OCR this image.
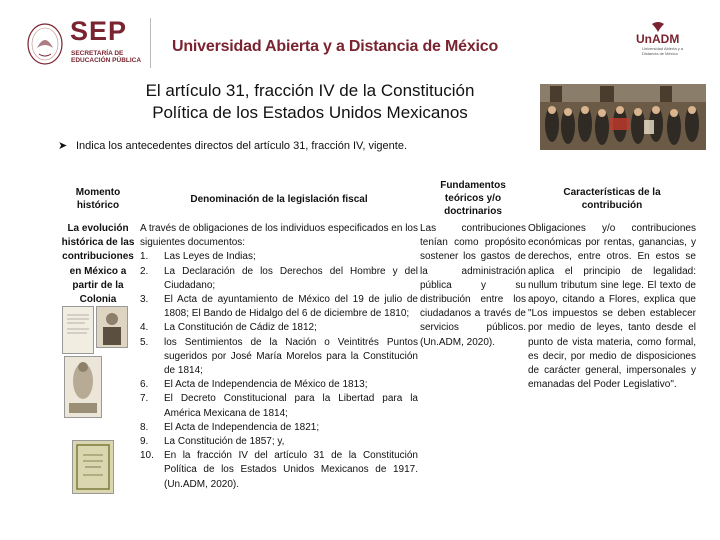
SEP
SECRETARÍA DE EDUCACIÓN PÚBLICA
Universidad Abierta y a Distancia de México	UnADM
Universidad Abierta y a Distancia de México
El artículo 31, fracción IV de la Constitución
Política de los Estados Unidos Mexicanos
➤ Indica los antecedentes directos del artículo 31, fracción IV, vigente.
Momento histórico
Denominación de la legislación fiscal
Fundamentos teóricos y/o doctrinarios
Características de la contribución
La evolución histórica de las contribuciones en México a partir de la Colonia
A través de obligaciones de los individuos especificados en los siguientes documentos:
1. Las Leyes de Indias;
2. La Declaración de los Derechos del Hombre y del Ciudadano;
3. El Acta de ayuntamiento de México del 19 de julio de 1808; El Bando de Hidalgo del 6 de diciembre de 1810;
4. La Constitución de Cádiz de 1812;
5. los Sentimientos de la Nación o Veintitrés Puntos sugeridos por José María Morelos para la Constitución de 1814;
6. El Acta de Independencia de México de 1813;
7. El Decreto Constitucional para la Libertad para la América Mexicana de 1814;
8. El Acta de Independencia de 1821;
9. La Constitución de 1857; y,
10. En la fracción IV del artículo 31 de la Constitución Política de los Estados Unidos Mexicanos de 1917. (Un.ADM, 2020).
Las contribuciones tenían como propósito sostener los gastos de la administración pública y su distribución entre los ciudadanos a través de servicios públicos. (Un.ADM, 2020).
Obligaciones y/o contribuciones económicas por rentas, ganancias, y derechos, entre otros. En estos se aplica el principio de legalidad: nullum tributum sine lege. El texto de apoyo, citando a Flores, explica que "Los impuestos se deben establecer por medio de leyes, tanto desde el punto de vista materia, como formal, es decir, por medio de disposiciones de carácter general, impersonales y emanadas del Poder Legislativo".
